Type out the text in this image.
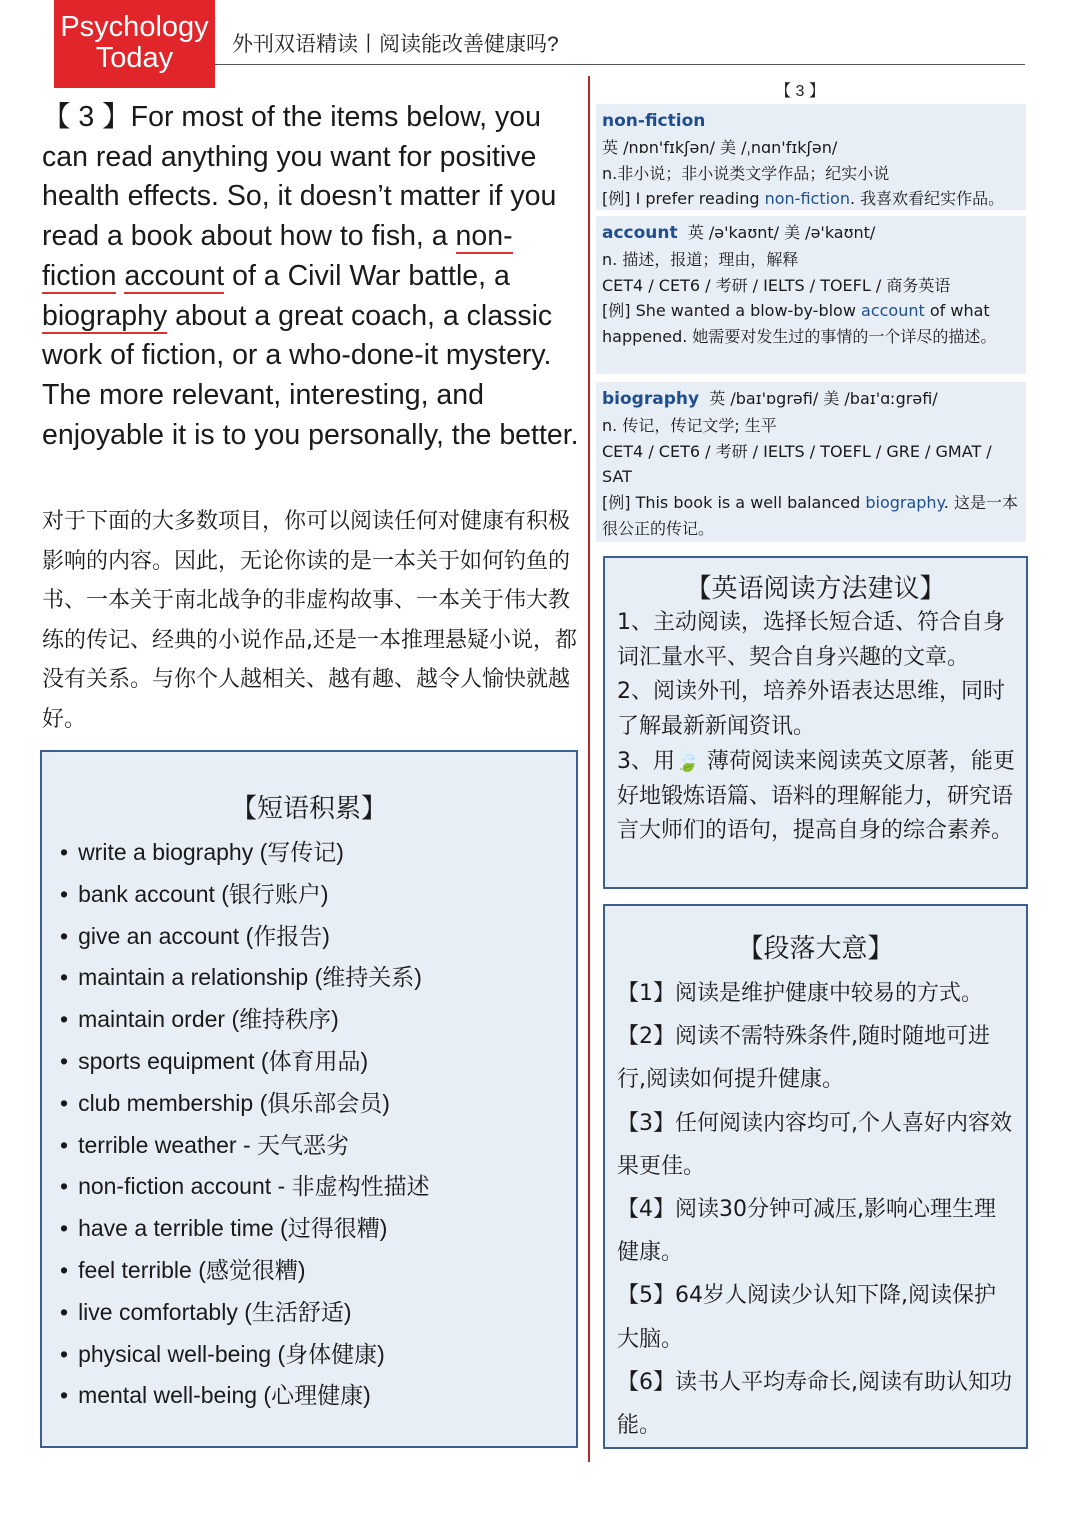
Psychology
Today	外刊双语精读丨阅读能改善健康吗?
【 3 】For most of the items below, you can read anything you want for positive health effects. So, it doesn’t matter if you read a book about how to fish, a non-fiction account of a Civil War battle, a biography about a great coach, a classic work of fiction, or a who-done-it mystery. The more relevant, interesting, and enjoyable it is to you personally, the better.
对于下面的大多数项目，你可以阅读任何对健康有积极影响的内容。因此，无论你读的是一本关于如何钓鱼的书、一本关于南北战争的非虚构故事、一本关于伟大教练的传记、经典的小说作品,还是一本推理悬疑小说，都没有关系。与你个人越相关、越有趣、越令人愉快就越好。
【短语积累】
• write a biography (写传记)
• bank account (银行账户)
• give an account (作报告)
• maintain a relationship (维持关系)
• maintain order (维持秩序)
• sports equipment (体育用品)
• club membership (俱乐部会员)
• terrible weather - 天气恶劣
• non-fiction account - 非虚构性描述
• have a terrible time (过得很糟)
• feel terrible (感觉很糟)
• live comfortably (生活舒适)
• physical well-being (身体健康)
• mental well-being (心理健康)
【 3 】
non-fiction
英 /nɒn'fɪkʃən/ 美 /ˌnɑn'fɪkʃən/
n.非小说；非小说类文学作品；纪实小说
[例] I prefer reading non-fiction. 我喜欢看纪实作品。
account 英 /ə'kaʊnt/ 美 /ə'kaʊnt/
n. 描述，报道；理由，解释
CET4 / CET6 / 考研 / IELTS / TOEFL / 商务英语
[例] She wanted a blow-by-blow account of what happened. 她需要对发生过的事情的一个详尽的描述。
biography 英 /baɪ'ɒgrəfi/ 美 /baɪ'ɑːgrəfi/
n. 传记，传记文学; 生平
CET4 / CET6 / 考研 / IELTS / TOEFL / GRE / GMAT / SAT
[例] This book is a well balanced biography. 这是一本很公正的传记。
【英语阅读方法建议】
1、主动阅读，选择长短合适、符合自身词汇量水平、契合自身兴趣的文章。
2、阅读外刊，培养外语表达思维，同时了解最新新闻资讯。
3、用🍃 薄荷阅读来阅读英文原著，能更好地锻炼语篇、语料的理解能力，研究语言大师们的语句，提高自身的综合素养。
【段落大意】
【1】阅读是维护健康中较易的方式。
【2】阅读不需特殊条件,随时随地可进行,阅读如何提升健康。
【3】任何阅读内容均可,个人喜好内容效果更佳。
【4】阅读30分钟可减压,影响心理生理健康。
【5】64岁人阅读少认知下降,阅读保护大脑。
【6】读书人平均寿命长,阅读有助认知功能。
